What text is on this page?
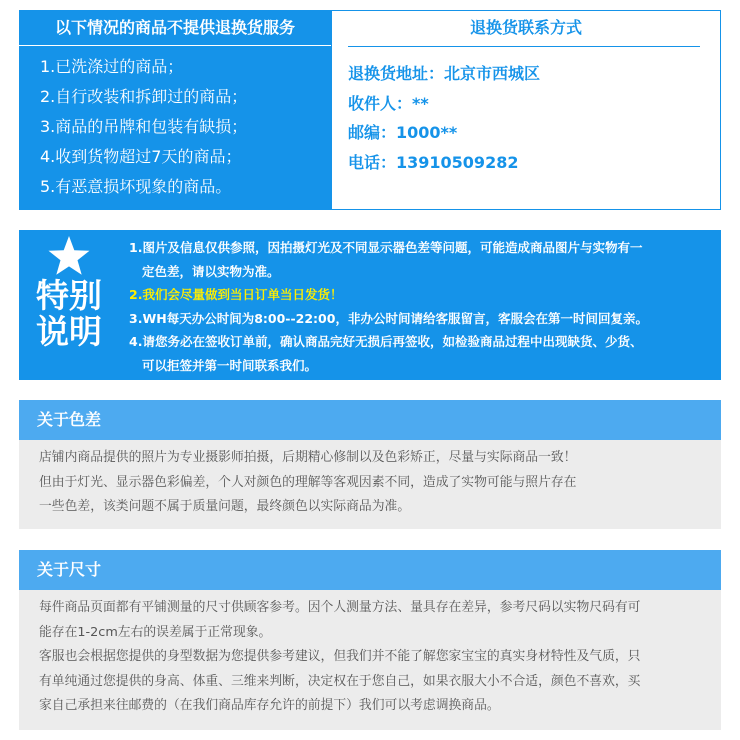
以下情况的商品不提供退换货服务
1.已洗涤过的商品；
2.自行改装和拆卸过的商品；
3.商品的吊牌和包装有缺损；
4.收到货物超过7天的商品；
5.有恶意损坏现象的商品。
退换货联系方式
退换货地址：北京市西城区
收件人：**
邮编：1000**
电话：13910509282
特别
说明

1.图片及信息仅供参照，因拍摄灯光及不同显示器色差等问题，可能造成商品图片与实物有一

定色差，请以实物为准。

2.我们会尽量做到当日订单当日发货！

3.WH每天办公时间为8:00--22:00，非办公时间请给客服留言，客服会在第一时间回复亲。

4.请您务必在签收订单前，确认商品完好无损后再签收，如检验商品过程中出现缺货、少货、

可以拒签并第一时间联系我们。

关于色差

店铺内商品提供的照片为专业摄影师拍摄，后期精心修制以及色彩矫正，尽量与实际商品一致！

但由于灯光、显示器色彩偏差，个人对颜色的理解等客观因素不同，造成了实物可能与照片存在

一些色差，该类问题不属于质量问题，最终颜色以实际商品为准。

关于尺寸

每件商品页面都有平铺测量的尺寸供顾客参考。因个人测量方法、量具存在差异，参考尺码以实物尺码有可

能存在1-2cm左右的误差属于正常现象。

客服也会根据您提供的身型数据为您提供参考建议，但我们并不能了解您家宝宝的真实身材特性及气质，只

有单纯通过您提供的身高、体重、三维来判断，决定权在于您自己，如果衣服大小不合适，颜色不喜欢，买

家自己承担来往邮费的（在我们商品库存允许的前提下）我们可以考虑调换商品。
